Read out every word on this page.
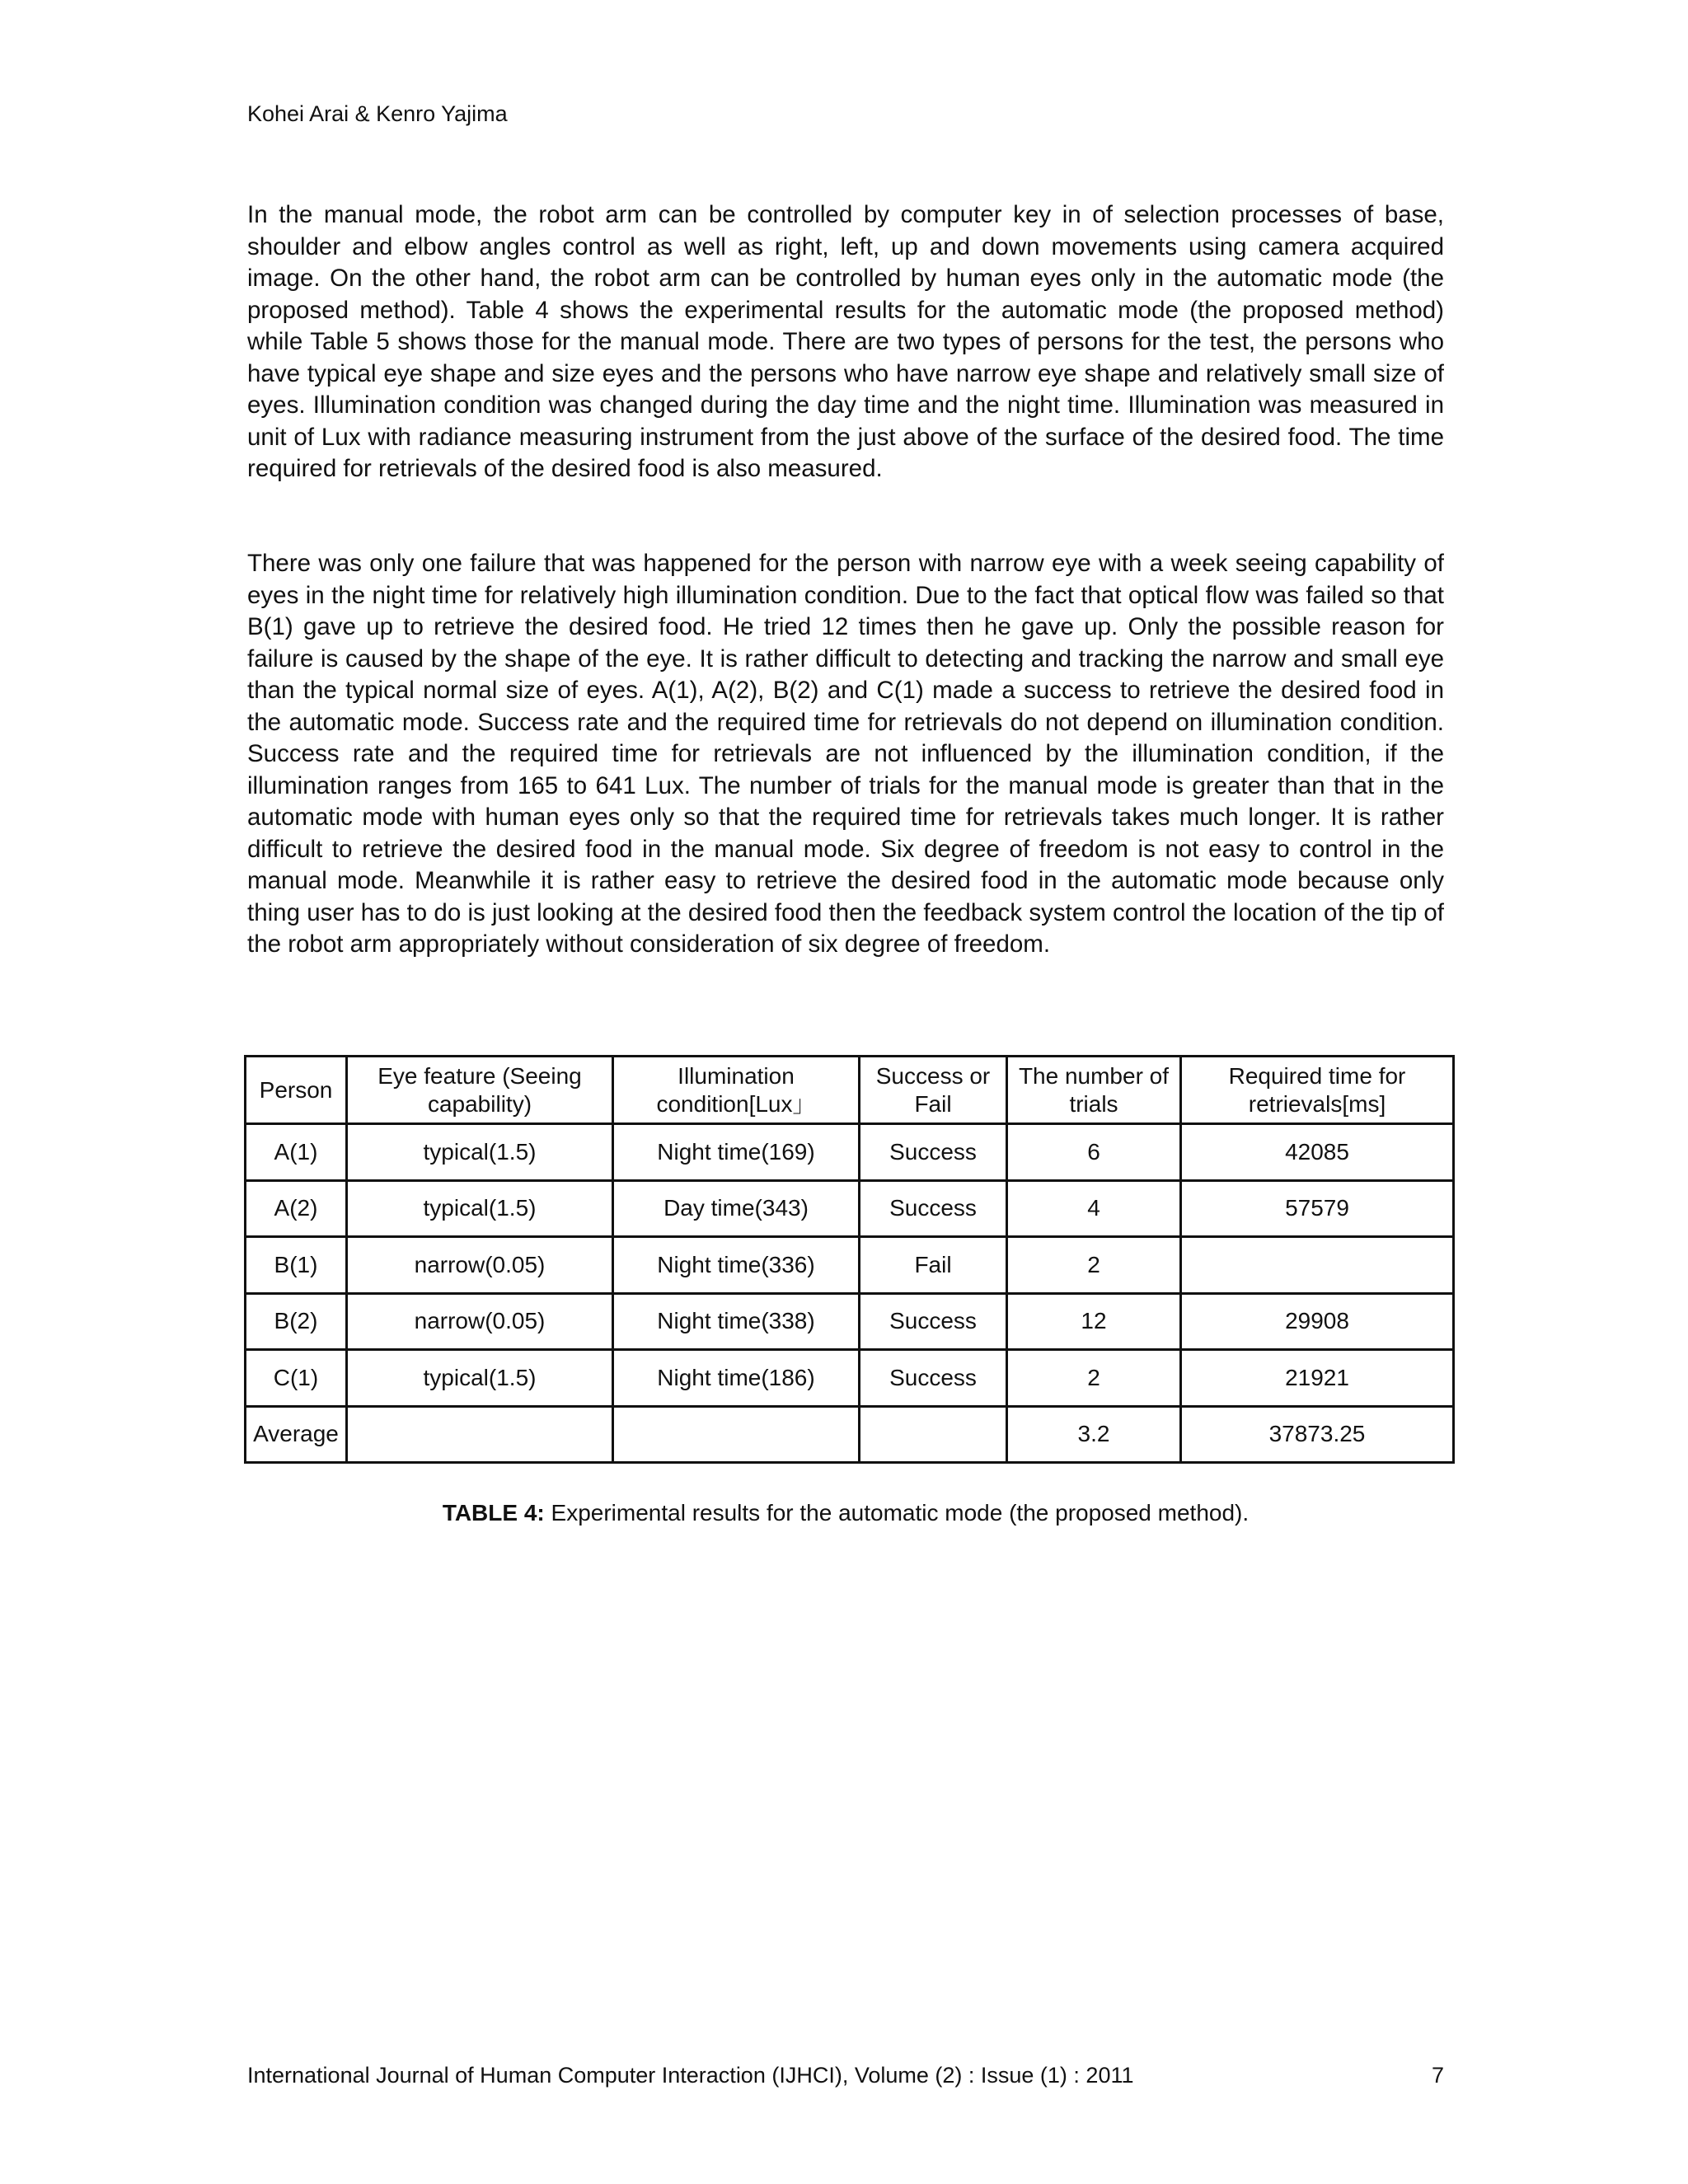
Kohei Arai & Kenro Yajima

In the manual mode, the robot arm can be controlled by computer key in of selection processes of base, shoulder and elbow angles control as well as right, left, up and down movements using camera acquired image. On the other hand, the robot arm can be controlled by human eyes only in the automatic mode (the proposed method). Table 4 shows the experimental results for the automatic mode (the proposed method) while Table 5 shows those for the manual mode. There are two types of persons for the test, the persons who have typical eye shape and size eyes and the persons who have narrow eye shape and relatively small size of eyes. Illumination condition was changed during the day time and the night time. Illumination was measured in unit of Lux with radiance measuring instrument from the just above of the surface of the desired food. The time required for retrievals of the desired food is also measured.

There was only one failure that was happened for the person with narrow eye with a week seeing capability of eyes in the night time for relatively high illumination condition. Due to the fact that optical flow was failed so that B(1) gave up to retrieve the desired food. He tried 12 times then he gave up. Only the possible reason for failure is caused by the shape of the eye. It is rather difficult to detecting and tracking the narrow and small eye than the typical normal size of eyes. A(1), A(2), B(2) and C(1) made a success to retrieve the desired food in the automatic mode. Success rate and the required time for retrievals do not depend on illumination condition. Success rate and the required time for retrievals are not influenced by the illumination condition, if the illumination ranges from 165 to 641 Lux. The number of trials for the manual mode is greater than that in the automatic mode with human eyes only so that the required time for retrievals takes much longer. It is rather difficult to retrieve the desired food in the manual mode. Six degree of freedom is not easy to control in the manual mode. Meanwhile it is rather easy to retrieve the desired food in the automatic mode because only thing user has to do is just looking at the desired food then the feedback system control the location of the tip of the robot arm appropriately without consideration of six degree of freedom.

Person	Eye feature (Seeing capability)	Illumination condition[Lux」	Success or Fail	The number of trials	Required time for retrievals[ms]
A(1)	typical(1.5)	Night time(169)	Success	6	42085
A(2)	typical(1.5)	Day time(343)	Success	4	57579
B(1)	narrow(0.05)	Night time(336)	Fail	2	
B(2)	narrow(0.05)	Night time(338)	Success	12	29908
C(1)	typical(1.5)	Night time(186)	Success	2	21921
Average				3.2	37873.25
TABLE 4: Experimental results for the automatic mode (the proposed method).
International Journal of Human Computer Interaction (IJHCI), Volume (2) : Issue (1) : 2011	7
